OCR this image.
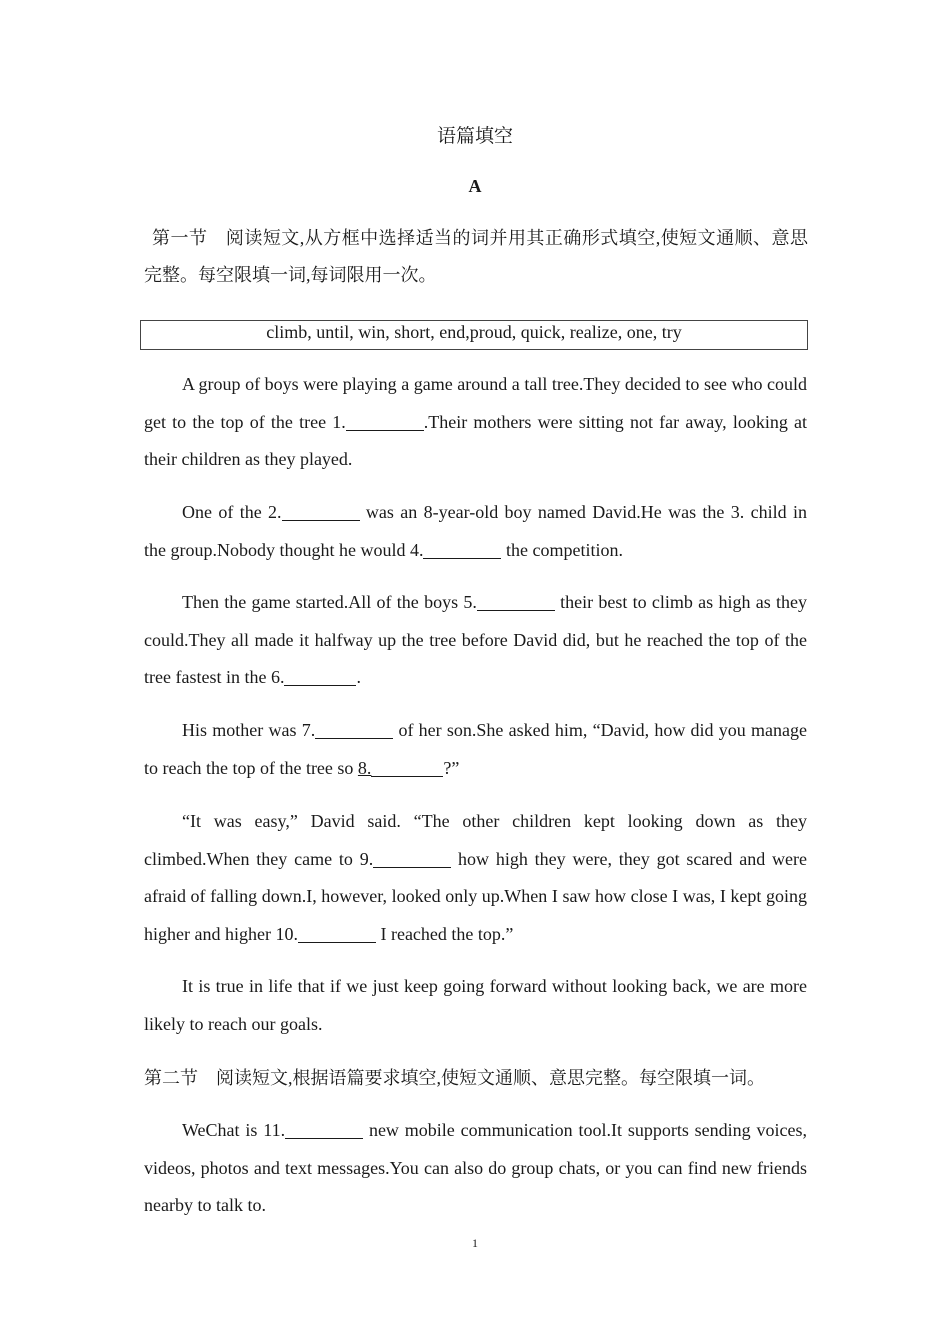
语篇填空
A
第一节 阅读短文,从方框中选择适当的词并用其正确形式填空,使短文通顺、意思完整。每空限填一词,每词限用一次。
climb, until, win, short, end,proud, quick, realize, one, try
A group of boys were playing a game around a tall tree.They decided to see who could get to the top of the tree 1.	.Their mothers were sitting not far away, looking at their children as they played.
One of the 2.	was an 8-year-old boy named David.He was the 3. child in the group.Nobody thought he would 4.	the competition.
Then the game started.All of the boys 5.	their best to climb as high as they could.They all made it halfway up the tree before David did, but he reached the top of the tree fastest in the 6.	.
His mother was 7.	of her son.She asked him, “David, how did you manage to reach the top of the tree so 8.	?”
“It was easy,” David said. “The other children kept looking down as they climbed.When they came to 9.	how high they were, they got scared and were afraid of falling down.I, however, looked only up.When I saw how close I was, I kept going higher and higher 10.	I reached the top.”
It is true in life that if we just keep going forward without looking back, we are more likely to reach our goals.
第二节 阅读短文,根据语篇要求填空,使短文通顺、意思完整。每空限填一词。
WeChat is 11.	new mobile communication tool.It supports sending voices, videos, photos and text messages.You can also do group chats, or you can find new friends nearby to talk to.
1
